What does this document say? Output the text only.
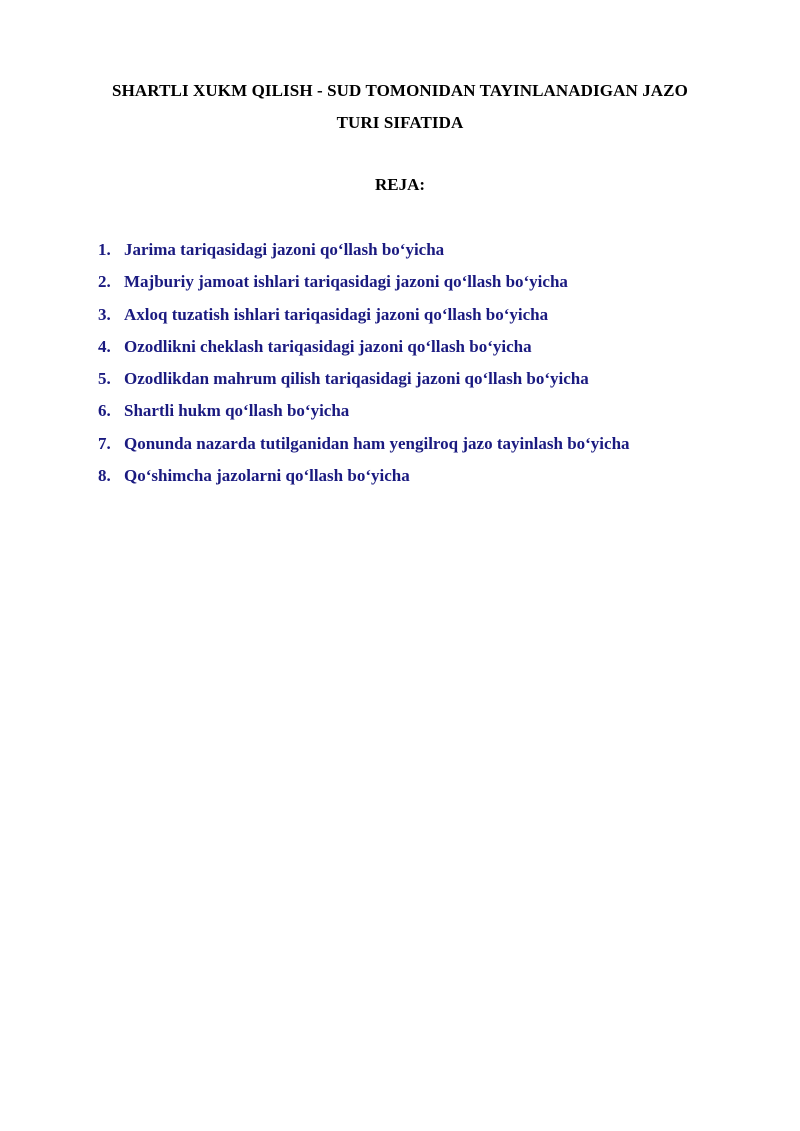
SHARTLI XUKM QILISH - SUD TOMONIDAN TAYINLANADIGAN JAZO
TURI SIFATIDA
REJA:
1. Jarima tariqasidagi jazoni qo‘llash bo‘yicha
2. Majburiy jamoat ishlari tariqasidagi jazoni qo‘llash bo‘yicha
3. Axloq tuzatish ishlari tariqasidagi jazoni qo‘llash bo‘yicha
4. Ozodlikni cheklash tariqasidagi jazoni qo‘llash bo‘yicha
5. Ozodlikdan mahrum qilish tariqasidagi jazoni qo‘llash bo‘yicha
6. Shartli hukm qo‘llash bo‘yicha
7. Qonunda nazarda tutilganidan ham yengilroq jazo tayinlash bo‘yicha
8. Qo‘shimcha jazolarni qo‘llash bo‘yicha
